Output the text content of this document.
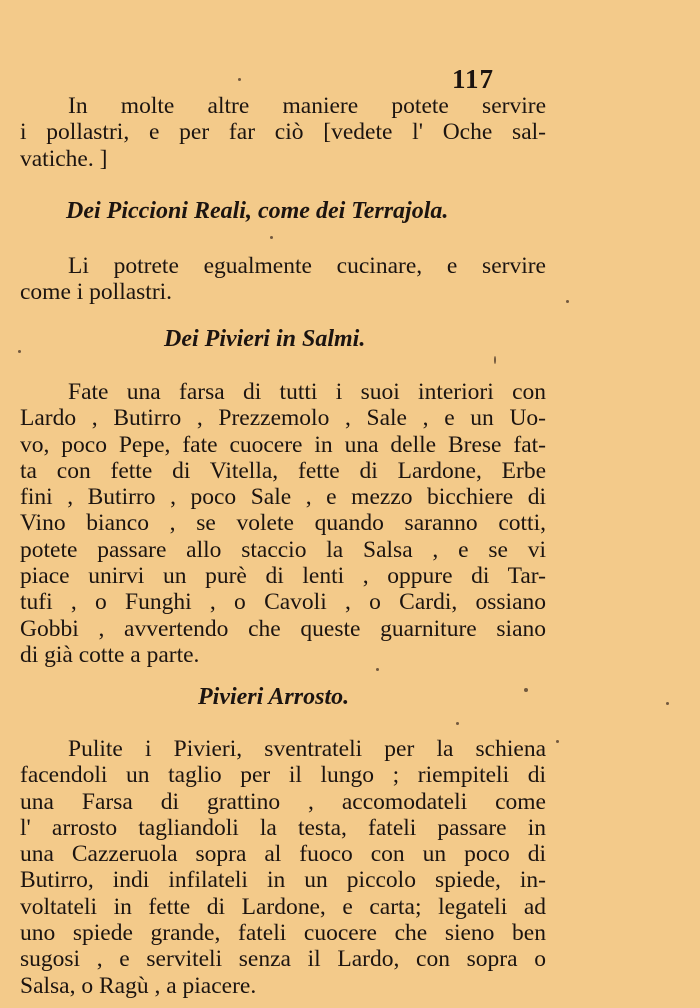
117
In molte altre maniere potete servire
i pollastri, e per far ciò [vedete l' Oche sal-
vatiche. ]
Dei Piccioni Reali, come dei Terrajola.
Li potrete egualmente cucinare, e servire
come i pollastri.
Dei Pivieri in Salmi.
Fate una farsa di tutti i suoi interiori con
Lardo , Butirro , Prezzemolo , Sale , e un Uo-
vo, poco Pepe, fate cuocere in una delle Brese fat-
ta con fette di Vitella, fette di Lardone, Erbe
fini , Butirro , poco Sale , e mezzo bicchiere di
Vino bianco , se volete quando saranno cotti,
potete passare allo staccio la Salsa , e se vi
piace unirvi un purè di lenti , oppure di Tar-
tufi , o Funghi , o Cavoli , o Cardi, ossiano
Gobbi , avvertendo che queste guarniture siano
di già cotte a parte.
Pivieri Arrosto.
Pulite i Pivieri, sventrateli per la schiena
facendoli un taglio per il lungo ; riempiteli di
una Farsa di grattino , accomodateli come
l' arrosto tagliandoli la testa, fateli passare in
una Cazzeruola sopra al fuoco con un poco di
Butirro, indi infilateli in un piccolo spiede, in-
voltateli in fette di Lardone, e carta; legateli ad
uno spiede grande, fateli cuocere che sieno ben
sugosi , e serviteli senza il Lardo, con sopra o
Salsa, o Ragù , a piacere.
